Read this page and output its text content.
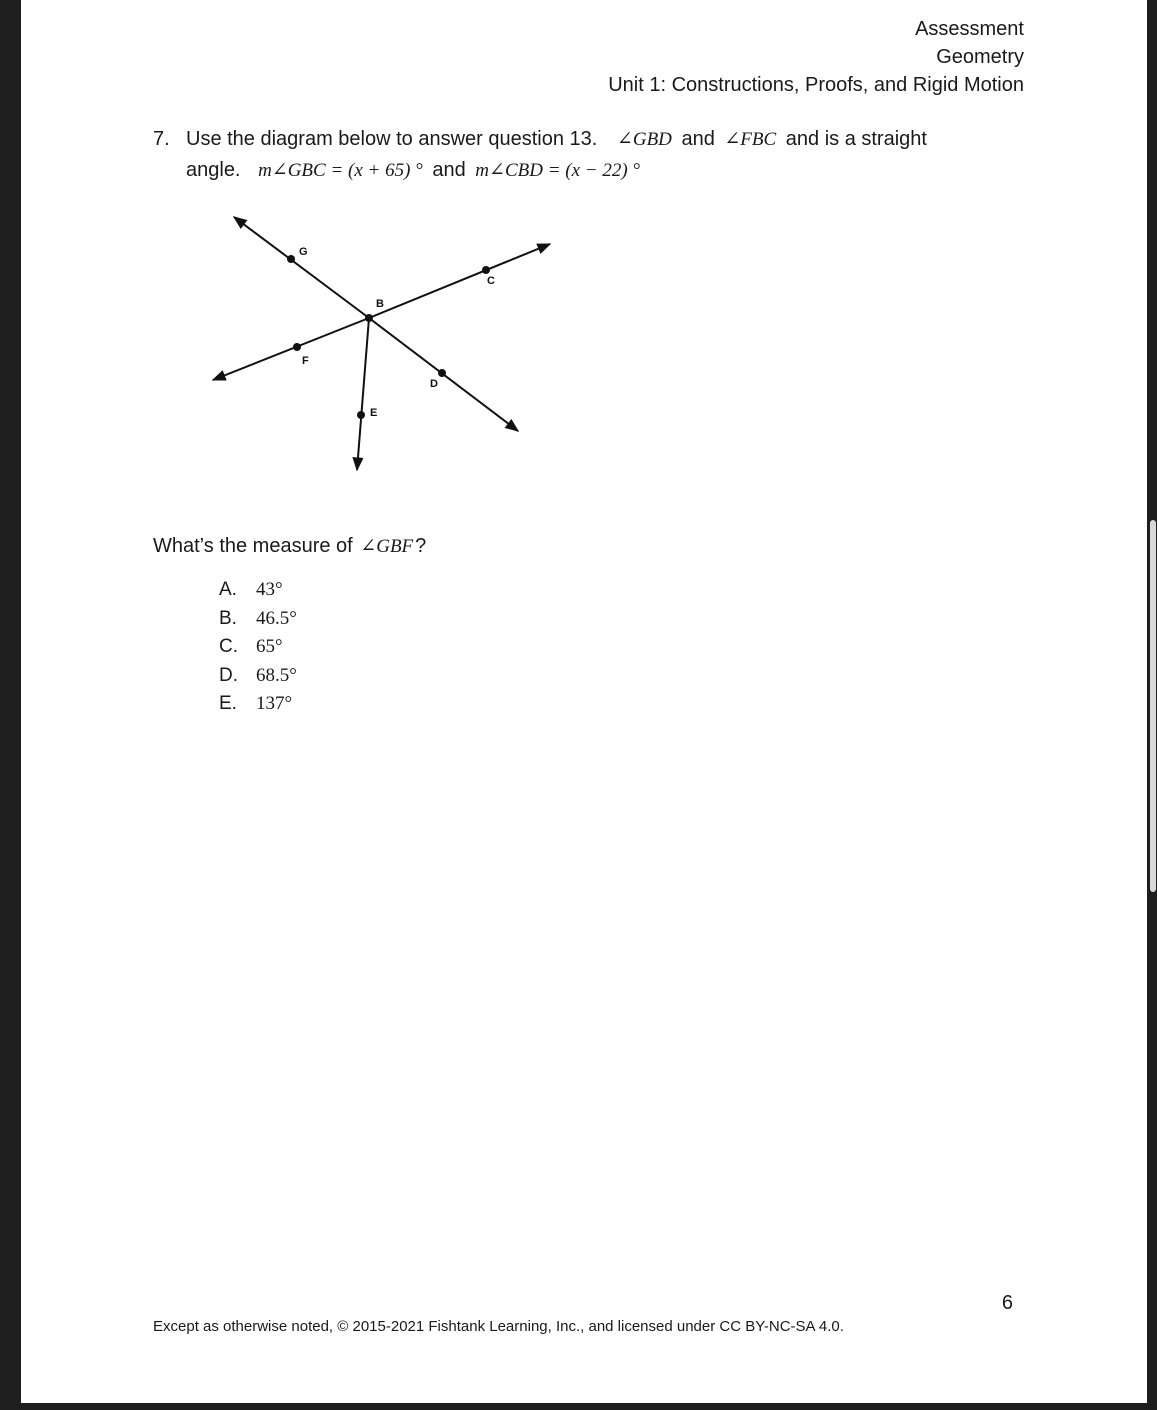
Assessment
Geometry
Unit 1: Constructions, Proofs, and Rigid Motion
7. Use the diagram below to answer question 13. ∠GBD and ∠FBC and is a straight
angle. m∠GBC = (x + 65) ° and m∠CBD = (x − 22) °
G
C
B
F
D
E
What’s the measure of ∠GBF ?
A.	43°
B.	46.5°
C. 65°
D. 68.5°
E.	137°
6
Except as otherwise noted, © 2015-2021 Fishtank Learning, Inc., and licensed under CC BY-NC-SA 4.0.
